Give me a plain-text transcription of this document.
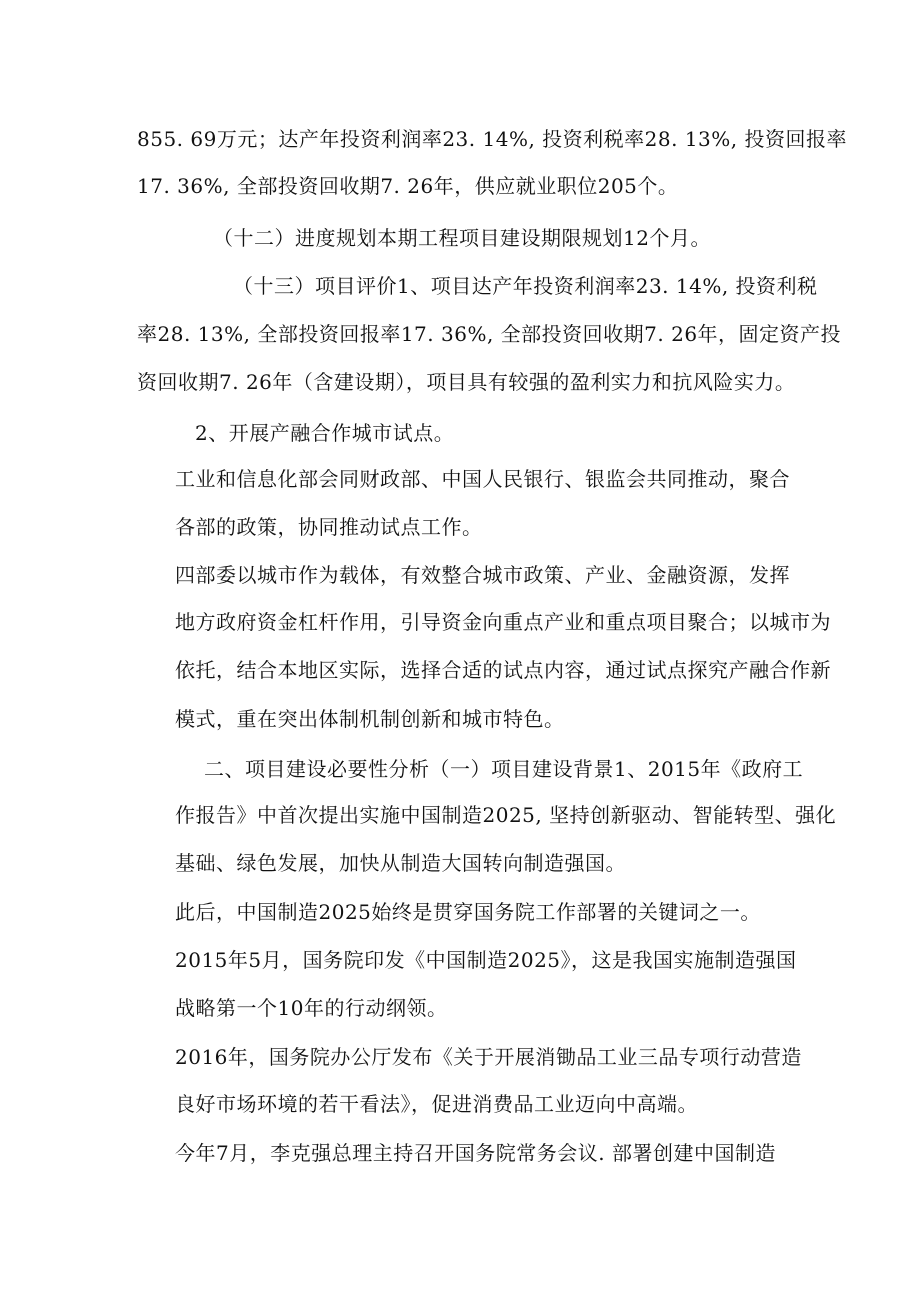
855. 69万元；达产年投资利润率23. 14%, 投资利税率28. 13%, 投资回报率
17. 36%, 全部投资回收期7. 26年，供应就业职位205个。
（十二）进度规划本期工程项目建设期限规划12个月。
（十三）项目评价1、项目达产年投资利润率23. 14%, 投资利税
率28. 13%, 全部投资回报率17. 36%, 全部投资回收期7. 26年，固定资产投
资回收期7. 26年（含建设期），项目具有较强的盈利实力和抗风险实力。
2、开展产融合作城市试点。
工业和信息化部会同财政部、中国人民银行、银监会共同推动，聚合
各部的政策，协同推动试点工作。
四部委以城市作为载体，有效整合城市政策、产业、金融资源，发挥
地方政府资金杠杆作用，引导资金向重点产业和重点项目聚合；以城市为
依托，结合本地区实际，选择合适的试点内容，通过试点探究产融合作新
模式，重在突出体制机制创新和城市特色。
二、项目建设必要性分析（一）项目建设背景1、2015年《政府工
作报告》中首次提出实施中国制造2025, 坚持创新驱动、智能转型、强化
基础、绿色发展，加快从制造大国转向制造强国。
此后，中国制造2025始终是贯穿国务院工作部署的关键词之一。
2015年5月，国务院印发《中国制造2025》，这是我国实施制造强国
战略第一个10年的行动纲领。
2016年，国务院办公厅发布《关于开展消锄品工业三品专项行动营造
良好市场环境的若干看法》，促进消费品工业迈向中高端。
今年7月，李克强总理主持召开国务院常务会议. 部署创建中国制造
